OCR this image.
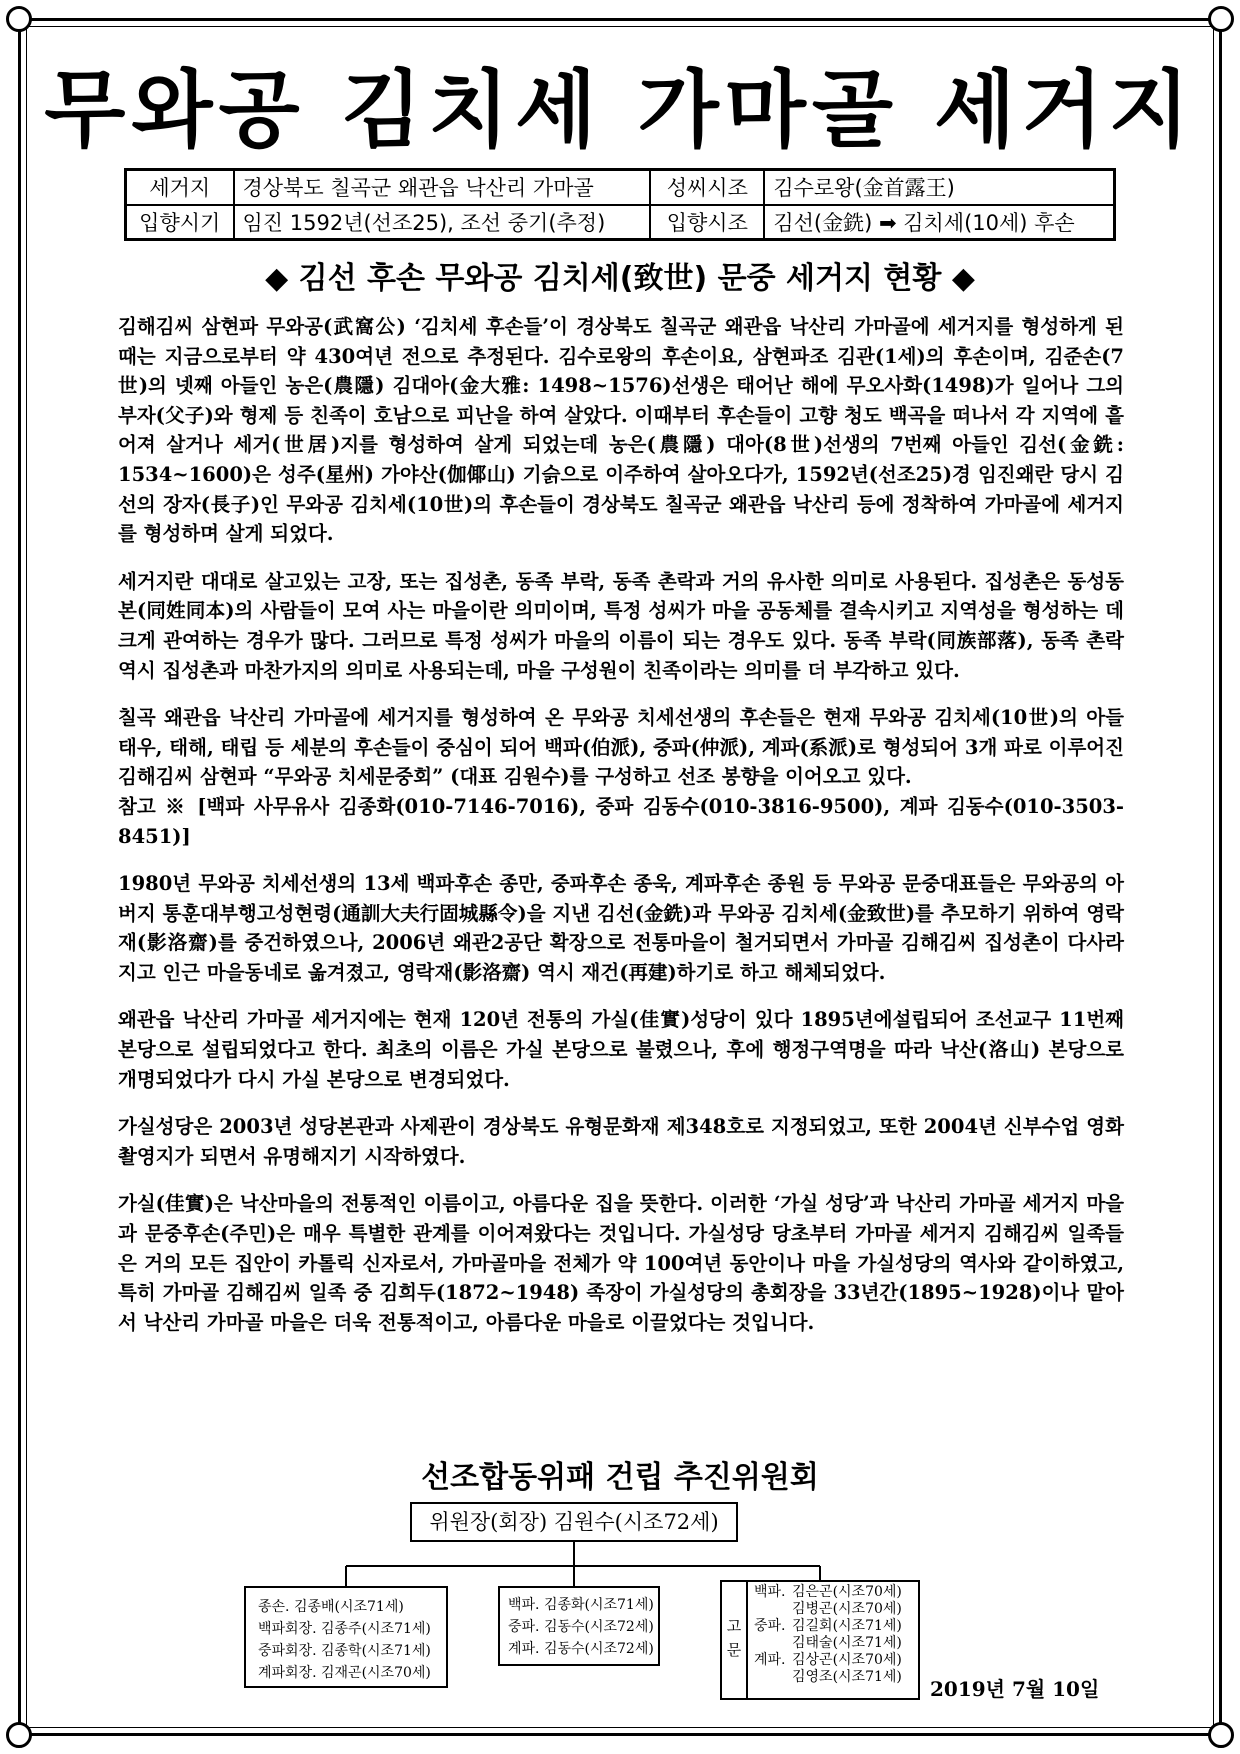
무와공 김치세 가마골 세거지
세거지	경상북도 칠곡군 왜관읍 낙산리 가마골	성씨시조	김수로왕(金首露王)
입향시기	임진 1592년(선조25), 조선 중기(추정)	입향시조	김선(金銑) ➡ 김치세(10세) 후손
◆ 김선 후손 무와공 김치세(致世) 문중 세거지 현황 ◆

김해김씨 삼현파 무와공(武窩公) ‘김치세 후손들’이 경상북도 칠곡군 왜관읍 낙산리 가마골에 세거지를 형성하게 된 때는 지금으로부터 약 430여년 전으로 추정된다. 김수로왕의 후손이요, 삼현파조 김관(1세)의 후손이며, 김준손(7世)의 넷째 아들인 농은(農隱) 김대아(金大雅: 1498~1576)선생은 태어난 해에 무오사화(1498)가 일어나 그의 부자(父子)와 형제 등 친족이 호남으로 피난을 하여 살았다. 이때부터 후손들이 고향 청도 백곡을 떠나서 각 지역에 흩어져 살거나 세거(世居)지를 형성하여 살게 되었는데 농은(農隱) 대아(8世)선생의 7번째 아들인 김선(金銑: 1534~1600)은 성주(星州) 가야산(伽倻山) 기슭으로 이주하여 살아오다가, 1592년(선조25)경 임진왜란 당시 김선의 장자(長子)인 무와공 김치세(10世)의 후손들이 경상북도 칠곡군 왜관읍 낙산리 등에 정착하여 가마골에 세거지를 형성하며 살게 되었다.

세거지란 대대로 살고있는 고장, 또는 집성촌, 동족 부락, 동족 촌락과 거의 유사한 의미로 사용된다. 집성촌은 동성동본(同姓同本)의 사람들이 모여 사는 마을이란 의미이며, 특정 성씨가 마을 공동체를 결속시키고 지역성을 형성하는 데 크게 관여하는 경우가 많다. 그러므로 특정 성씨가 마을의 이름이 되는 경우도 있다. 동족 부락(同族部落), 동족 촌락 역시 집성촌과 마찬가지의 의미로 사용되는데, 마을 구성원이 친족이라는 의미를 더 부각하고 있다.

칠곡 왜관읍 낙산리 가마골에 세거지를 형성하여 온 무와공 치세선생의 후손들은 현재 무와공 김치세(10世)의 아들 태우, 태해, 태립 등 세분의 후손들이 중심이 되어 백파(伯派), 중파(仲派), 계파(系派)로 형성되어 3개 파로 이루어진 김해김씨 삼현파 “무와공 치세문중회” (대표 김원수)를 구성하고 선조 봉향을 이어오고 있다.

참고 ※ [백파 사무유사 김종화(010-7146-7016), 중파 김동수(010-3816-9500), 계파 김동수(010-3503-8451)]

1980년 무와공 치세선생의 13세 백파후손 종만, 중파후손 종욱, 계파후손 종원 등 무와공 문중대표들은 무와공의 아버지 통훈대부행고성현령(通訓大夫行固城縣令)을 지낸 김선(金銑)과 무와공 김치세(金致世)를 추모하기 위하여 영락재(影洛齋)를 중건하였으나, 2006년 왜관2공단 확장으로 전통마을이 철거되면서 가마골 김해김씨 집성촌이 다사라지고 인근 마을동네로 옮겨졌고, 영락재(影洛齋) 역시 재건(再建)하기로 하고 해체되었다.

왜관읍 낙산리 가마골 세거지에는 현재 120년 전통의 가실(佳實)성당이 있다 1895년에설립되어 조선교구 11번째 본당으로 설립되었다고 한다. 최초의 이름은 가실 본당으로 불렸으나, 후에 행정구역명을 따라 낙산(洛山) 본당으로 개명되었다가 다시 가실 본당으로 변경되었다.

가실성당은 2003년 성당본관과 사제관이 경상북도 유형문화재 제348호로 지정되었고, 또한 2004년 신부수업 영화 촬영지가 되면서 유명해지기 시작하였다.

가실(佳實)은 낙산마을의 전통적인 이름이고, 아름다운 집을 뜻한다. 이러한 ‘가실 성당’과 낙산리 가마골 세거지 마을과 문중후손(주민)은 매우 특별한 관계를 이어져왔다는 것입니다. 가실성당 당초부터 가마골 세거지 김해김씨 일족들은 거의 모든 집안이 카톨릭 신자로서, 가마골마을 전체가 약 100여년 동안이나 마을 가실성당의 역사와 같이하였고, 특히 가마골 김해김씨 일족 중 김희두(1872~1948) 족장이 가실성당의 총회장을 33년간(1895~1928)이나 맡아서 낙산리 가마골 마을은 더욱 전통적이고, 아름다운 마을로 이끌었다는 것입니다.

선조합동위패 건립 추진위원회
위원장(회장) 김원수(시조72세)
종손. 김종배(시조71세)
백파회장. 김종주(시조71세)
중파회장. 김종학(시조71세)
계파회장. 김재곤(시조70세)
백파. 김종화(시조71세)
중파. 김동수(시조72세)
계파. 김동수(시조72세)
고
문
백파. 김은곤(시조70세)
김병곤(시조70세)
중파. 김길회(시조71세)
김태술(시조71세)
계파. 김상곤(시조70세)
김영조(시조71세)	2019년 7월 10일
